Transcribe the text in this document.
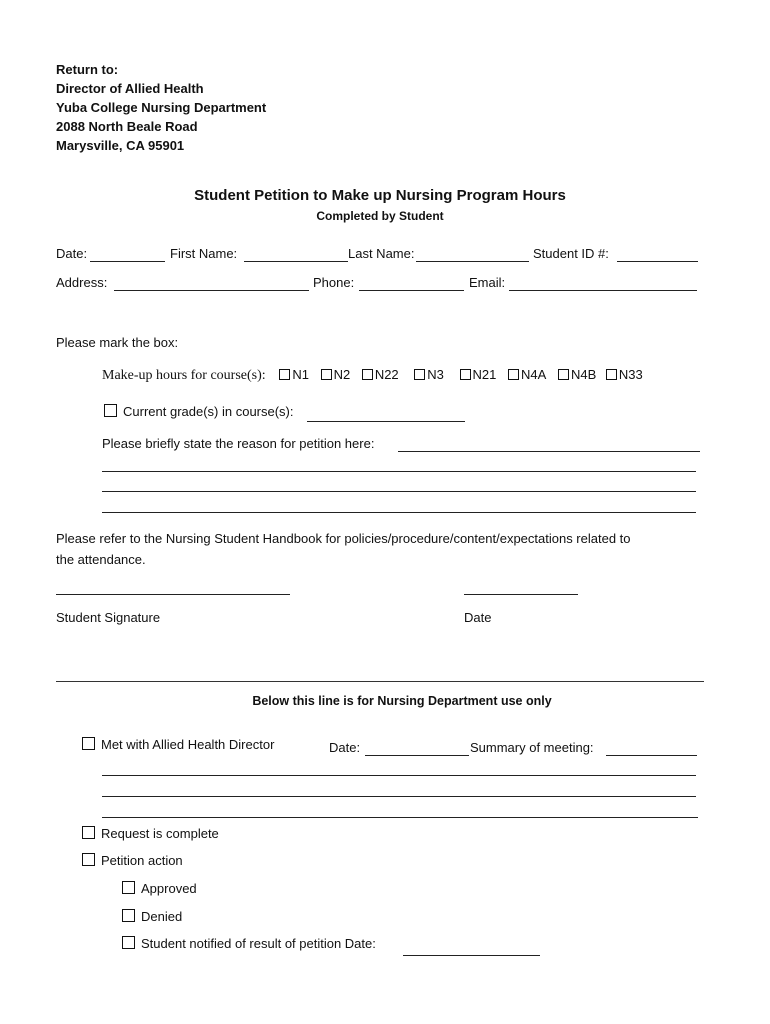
Return to:
Director of Allied Health
Yuba College Nursing Department
2088 North Beale Road
Marysville, CA 95901
Student Petition to Make up Nursing Program Hours
Completed by Student
Date:	First Name:	Last Name:	Student ID #:
Address:	Phone:	Email:
Please mark the box:
Make-up hours for course(s): N1 N2 N22 N3 N21 N4A N4B N33
Current grade(s) in course(s):
Please briefly state the reason for petition here:
Please refer to the Nursing Student Handbook for policies/procedure/content/expectations related to
the attendance.
Student Signature	Date
Below this line is for Nursing Department use only
Met with Allied Health Director	Date:	Summary of meeting:
Request is complete
Petition action
Approved
Denied
Student notified of result of petition Date:
